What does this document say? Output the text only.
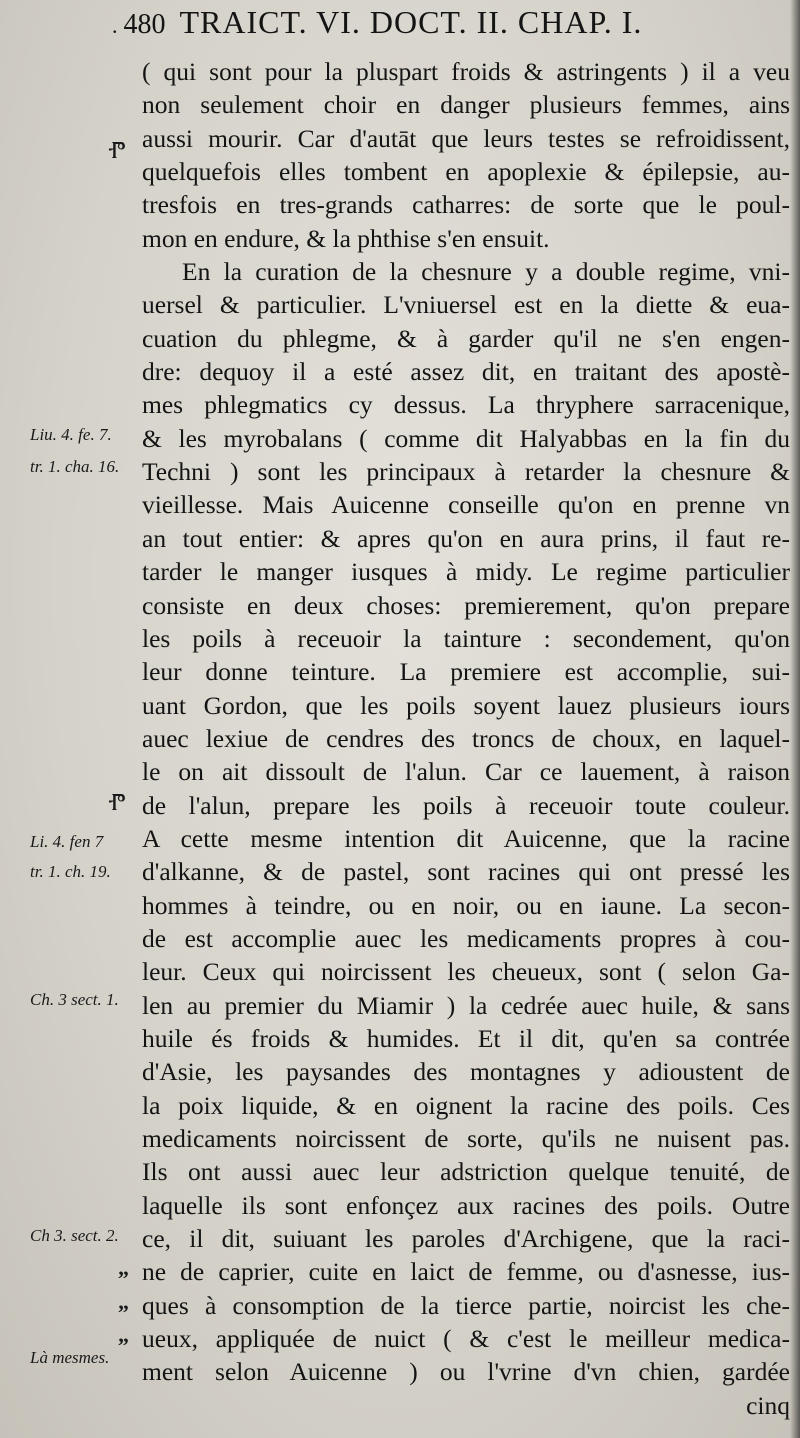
. 480 TRAICT. VI. DOCT. II. CHAP. I.
Ⱂ
Ⱂ
Liu. 4. fe. 7.
tr. 1. cha. 16.
Li. 4. fen 7
tr. 1. ch. 19.
Ch. 3 sect. 1.
Ch 3. sect. 2.
Là mesmes.
„
„
„
( qui sont pour la pluspart froids & astringents ) il a veu
non seulement choir en danger plusieurs femmes, ains
aussi mourir. Car d'autāt que leurs testes se refroidissent,
quelquefois elles tombent en apoplexie & épilepsie, au-
tresfois en tres-grands catharres: de sorte que le poul-
mon en endure, & la phthise s'en ensuit.
En la curation de la chesnure y a double regime, vni-
uersel & particulier. L'vniuersel est en la diette & eua-
cuation du phlegme, & à garder qu'il ne s'en engen-
dre: dequoy il a esté assez dit, en traitant des apostè-
mes phlegmatics cy dessus. La thryphere sarracenique,
& les myrobalans ( comme dit Halyabbas en la fin du
Techni ) sont les principaux à retarder la chesnure &
vieillesse. Mais Auicenne conseille qu'on en prenne vn
an tout entier: & apres qu'on en aura prins, il faut re-
tarder le manger iusques à midy. Le regime particulier
consiste en deux choses: premierement, qu'on prepare
les poils à receuoir la tainture : secondement, qu'on
leur donne teinture. La premiere est accomplie, sui-
uant Gordon, que les poils soyent lauez plusieurs iours
auec lexiue de cendres des troncs de choux, en laquel-
le on ait dissoult de l'alun. Car ce lauement, à raison
de l'alun, prepare les poils à receuoir toute couleur.
A cette mesme intention dit Auicenne, que la racine
d'alkanne, & de pastel, sont racines qui ont pressé les
hommes à teindre, ou en noir, ou en iaune. La secon-
de est accomplie auec les medicaments propres à cou-
leur. Ceux qui noircissent les cheueux, sont ( selon Ga-
len au premier du Miamir ) la cedrée auec huile, & sans
huile és froids & humides. Et il dit, qu'en sa contrée
d'Asie, les paysandes des montagnes y adioustent de
la poix liquide, & en oignent la racine des poils. Ces
medicaments noircissent de sorte, qu'ils ne nuisent pas.
Ils ont aussi auec leur adstriction quelque tenuité, de
laquelle ils sont enfonçez aux racines des poils. Outre
ce, il dit, suiuant les paroles d'Archigene, que la raci-
ne de caprier, cuite en laict de femme, ou d'asnesse, ius-
ques à consomption de la tierce partie, noircist les che-
ueux, appliquée de nuict ( & c'est le meilleur medica-
ment selon Auicenne ) ou l'vrine d'vn chien, gardée
cinq
